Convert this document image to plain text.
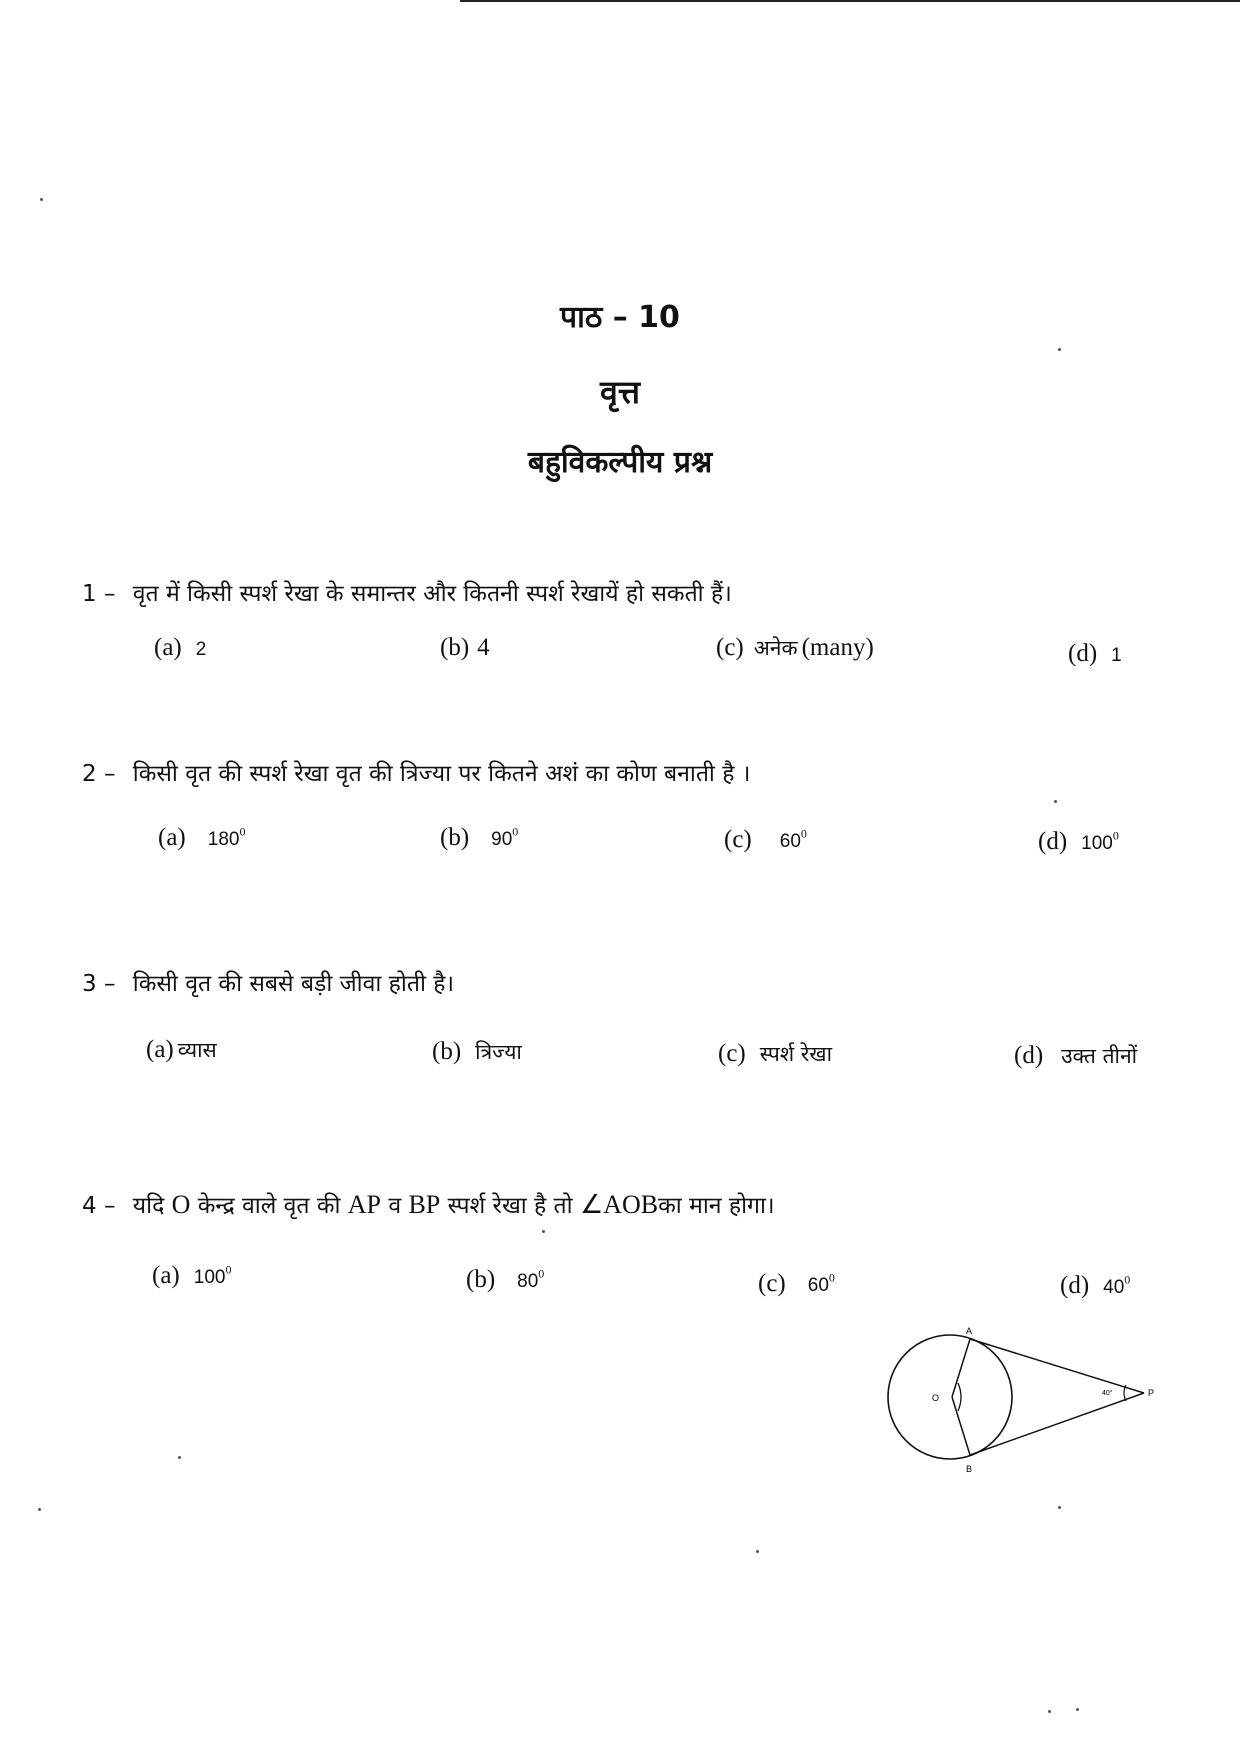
पाठ – 10
वृत्त
बहुविकल्पीय प्रश्न
1 – वृत में किसी स्पर्श रेखा के समान्तर और कितनी स्पर्श रेखायें हो सकती हैं।
(a) 2	(b) 4	(c) अनेक (many)	(d) 1
2 – किसी वृत की स्पर्श रेखा वृत की त्रिज्या पर कितने अशं का कोण बनाती है ।
(a) $180^0$	(b) $90^0$	(c) $60^0$	(d) $100^0$
3 – किसी वृत की सबसे बड़ी जीवा होती है।
(a) व्यास	(b) त्रिज्या	(c) स्पर्श रेखा	(d) उक्त तीनों
4 – यदि O केन्द्र वाले वृत की AP व BP स्पर्श रेखा है तो ∠AOBका मान होगा।
(a) $100^0$	(b) $80^0$	(c) $60^0$	(d) $40^0$
A
B
O	P
40°
